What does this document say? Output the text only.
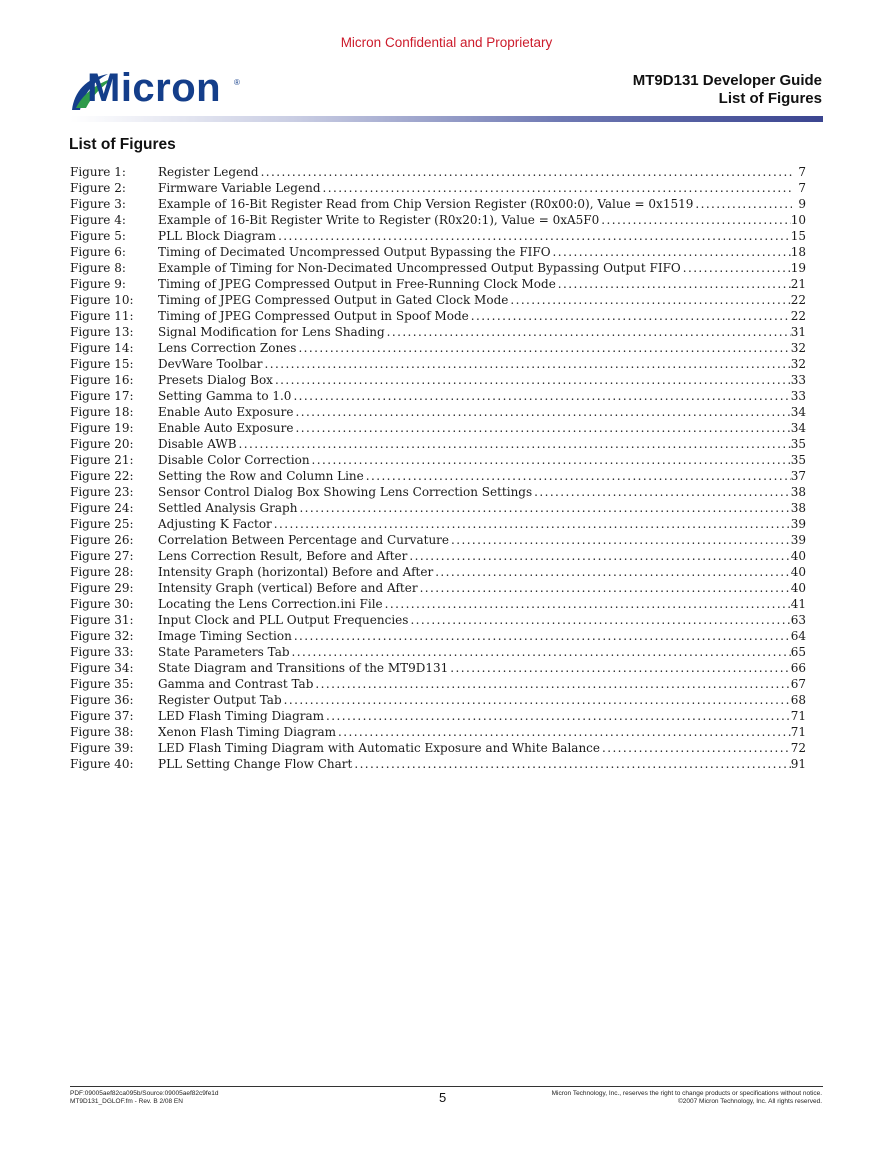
Micron Confidential and Proprietary
Micron ®	MT9D131 Developer Guide
List of Figures
List of Figures
Figure 1:	Register Legend . . .	7
Figure 2:	Firmware Variable Legend . . .	7
Figure 3:	Example of 16-Bit Register Read from Chip Version Register (R0x00:0), Value = 0x1519 . . .	9
Figure 4:	Example of 16-Bit Register Write to Register (R0x20:1), Value = 0xA5F0 . . .	10
Figure 5:	PLL Block Diagram . . .	15
Figure 6:	Timing of Decimated Uncompressed Output Bypassing the FIFO . . .	18
Figure 8:	Example of Timing for Non-Decimated Uncompressed Output Bypassing Output FIFO . . .	19
Figure 9:	Timing of JPEG Compressed Output in Free-Running Clock Mode . . .	21
Figure 10:	Timing of JPEG Compressed Output in Gated Clock Mode . . .	22
Figure 11:	Timing of JPEG Compressed Output in Spoof Mode . . .	22
Figure 13:	Signal Modification for Lens Shading . . .	31
Figure 14:	Lens Correction Zones . . .	32
Figure 15:	DevWare Toolbar . . .	32
Figure 16:	Presets Dialog Box . . .	33
Figure 17:	Setting Gamma to 1.0 . . .	33
Figure 18:	Enable Auto Exposure . . .	34
Figure 19:	Enable Auto Exposure . . .	34
Figure 20:	Disable AWB . . .	35
Figure 21:	Disable Color Correction . . .	35
Figure 22:	Setting the Row and Column Line . . .	37
Figure 23:	Sensor Control Dialog Box Showing Lens Correction Settings . . .	38
Figure 24:	Settled Analysis Graph . . .	38
Figure 25:	Adjusting K Factor . . .	39
Figure 26:	Correlation Between Percentage and Curvature . . .	39
Figure 27:	Lens Correction Result, Before and After . . .	40
Figure 28:	Intensity Graph (horizontal) Before and After . . .	40
Figure 29:	Intensity Graph (vertical) Before and After . . .	40
Figure 30:	Locating the Lens Correction.ini File . . .	41
Figure 31:	Input Clock and PLL Output Frequencies . . .	63
Figure 32:	Image Timing Section . . .	64
Figure 33:	State Parameters Tab . . .	65
Figure 34:	State Diagram and Transitions of the MT9D131 . . .	66
Figure 35:	Gamma and Contrast Tab . . .	67
Figure 36:	Register Output Tab . . .	68
Figure 37:	LED Flash Timing Diagram . . .	71
Figure 38:	Xenon Flash Timing Diagram . . .	71
Figure 39:	LED Flash Timing Diagram with Automatic Exposure and White Balance . . .	72
Figure 40:	PLL Setting Change Flow Chart . . .	91
PDF:09005aef82ca095b/Source:09005aef82c9fe1d
MT9D131_DGLOF.fm - Rev. B 2/08 EN	5	Micron Technology, Inc., reserves the right to change products or specifications without notice.
©2007 Micron Technology, Inc. All rights reserved.
